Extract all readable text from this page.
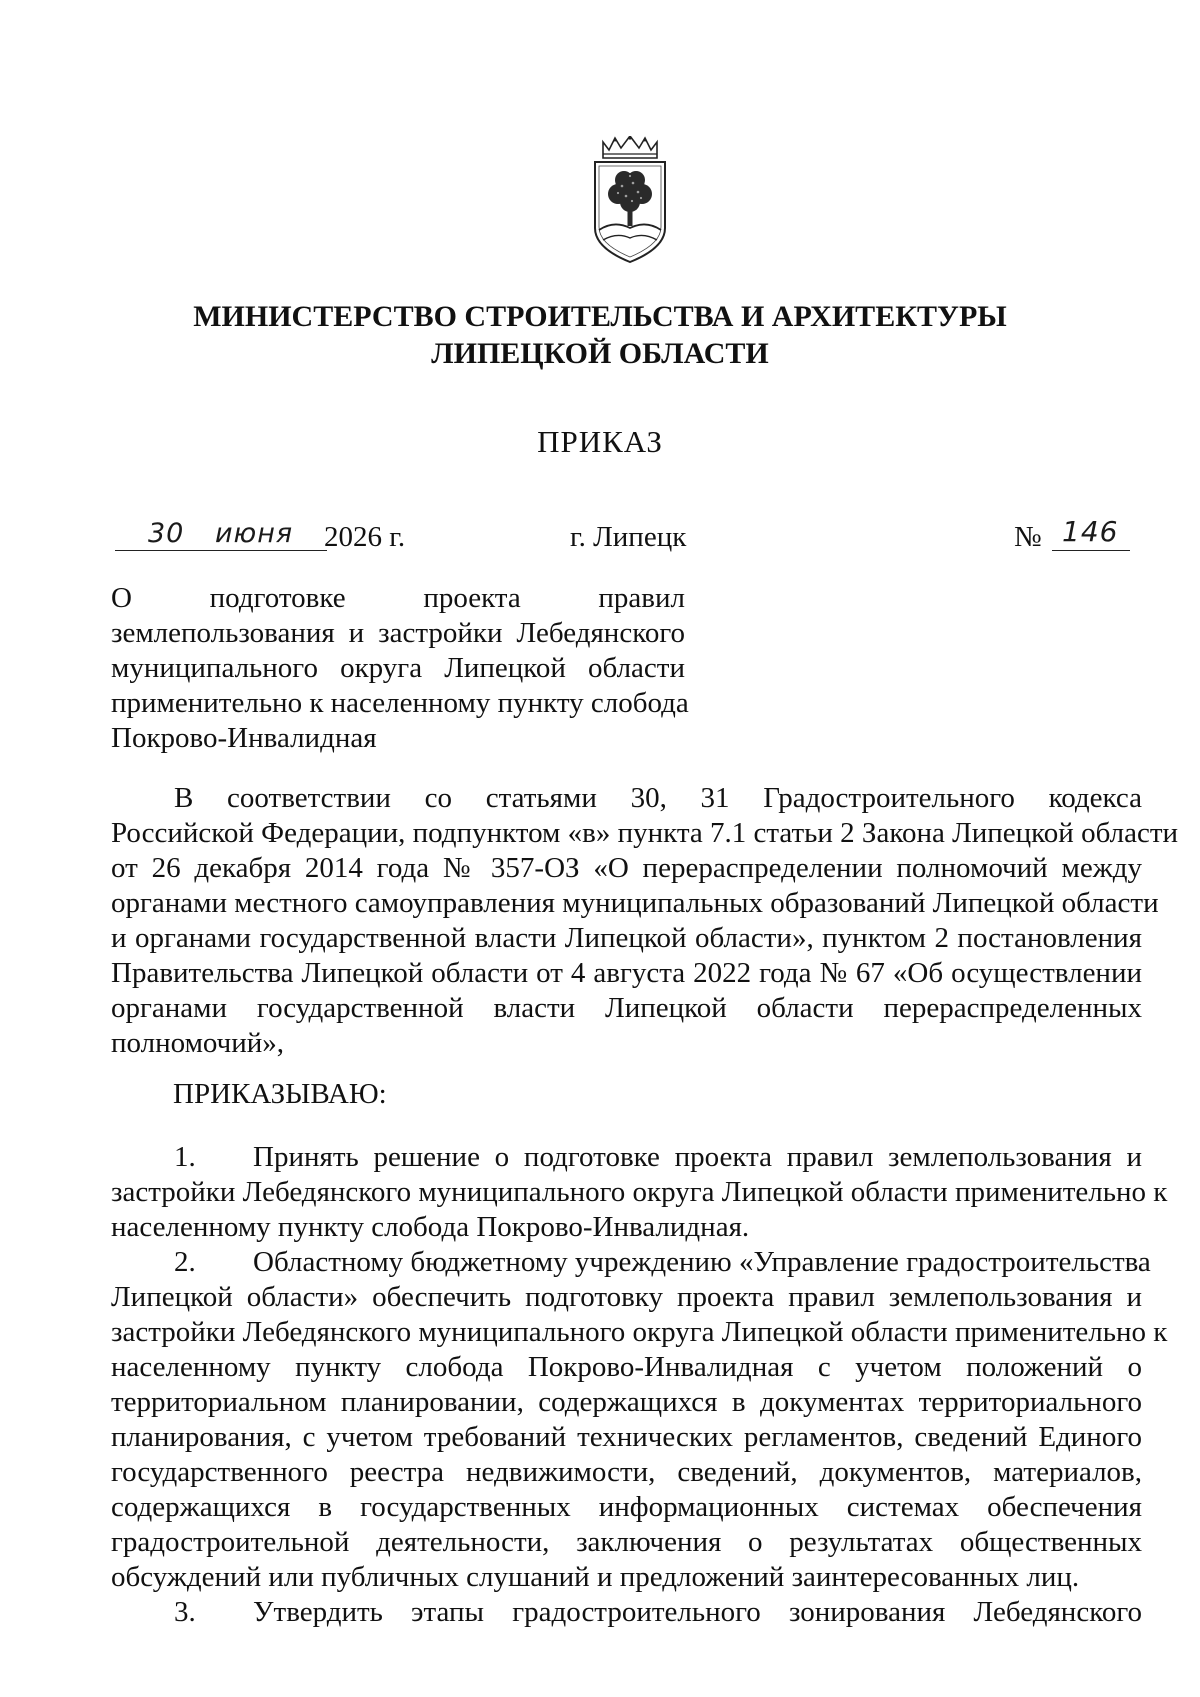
МИНИСТЕРСТВО СТРОИТЕЛЬСТВА И АРХИТЕКТУРЫ
ЛИПЕЦКОЙ ОБЛАСТИ
ПРИКАЗ
30 июня 2026 г.	г. Липецк	№ 146
О подготовке проекта правил
землепользования и застройки Лебедянского
муниципального округа Липецкой области
применительно к населенному пункту слобода
Покрово-Инвалидная
В соответствии со статьями 30, 31 Градостроительного кодекса
Российской Федерации, подпунктом «в» пункта 7.1 статьи 2 Закона Липецкой области
от 26 декабря 2014 года № 357-ОЗ «О перераспределении полномочий между
органами местного самоуправления муниципальных образований Липецкой области
и органами государственной власти Липецкой области», пунктом 2 постановления
Правительства Липецкой области от 4 августа 2022 года № 67 «Об осуществлении
органами государственной власти Липецкой области перераспределенных
полномочий»,
ПРИКАЗЫВАЮ:
1. Принять решение о подготовке проекта правил землепользования и
застройки Лебедянского муниципального округа Липецкой области применительно к
населенному пункту слобода Покрово-Инвалидная.
2. Областному бюджетному учреждению «Управление градостроительства
Липецкой области» обеспечить подготовку проекта правил землепользования и
застройки Лебедянского муниципального округа Липецкой области применительно к
населенному пункту слобода Покрово-Инвалидная с учетом положений о
территориальном планировании, содержащихся в документах территориального
планирования, с учетом требований технических регламентов, сведений Единого
государственного реестра недвижимости, сведений, документов, материалов,
содержащихся в государственных информационных системах обеспечения
градостроительной деятельности, заключения о результатах общественных
обсуждений или публичных слушаний и предложений заинтересованных лиц.
3. Утвердить этапы градостроительного зонирования Лебедянского
